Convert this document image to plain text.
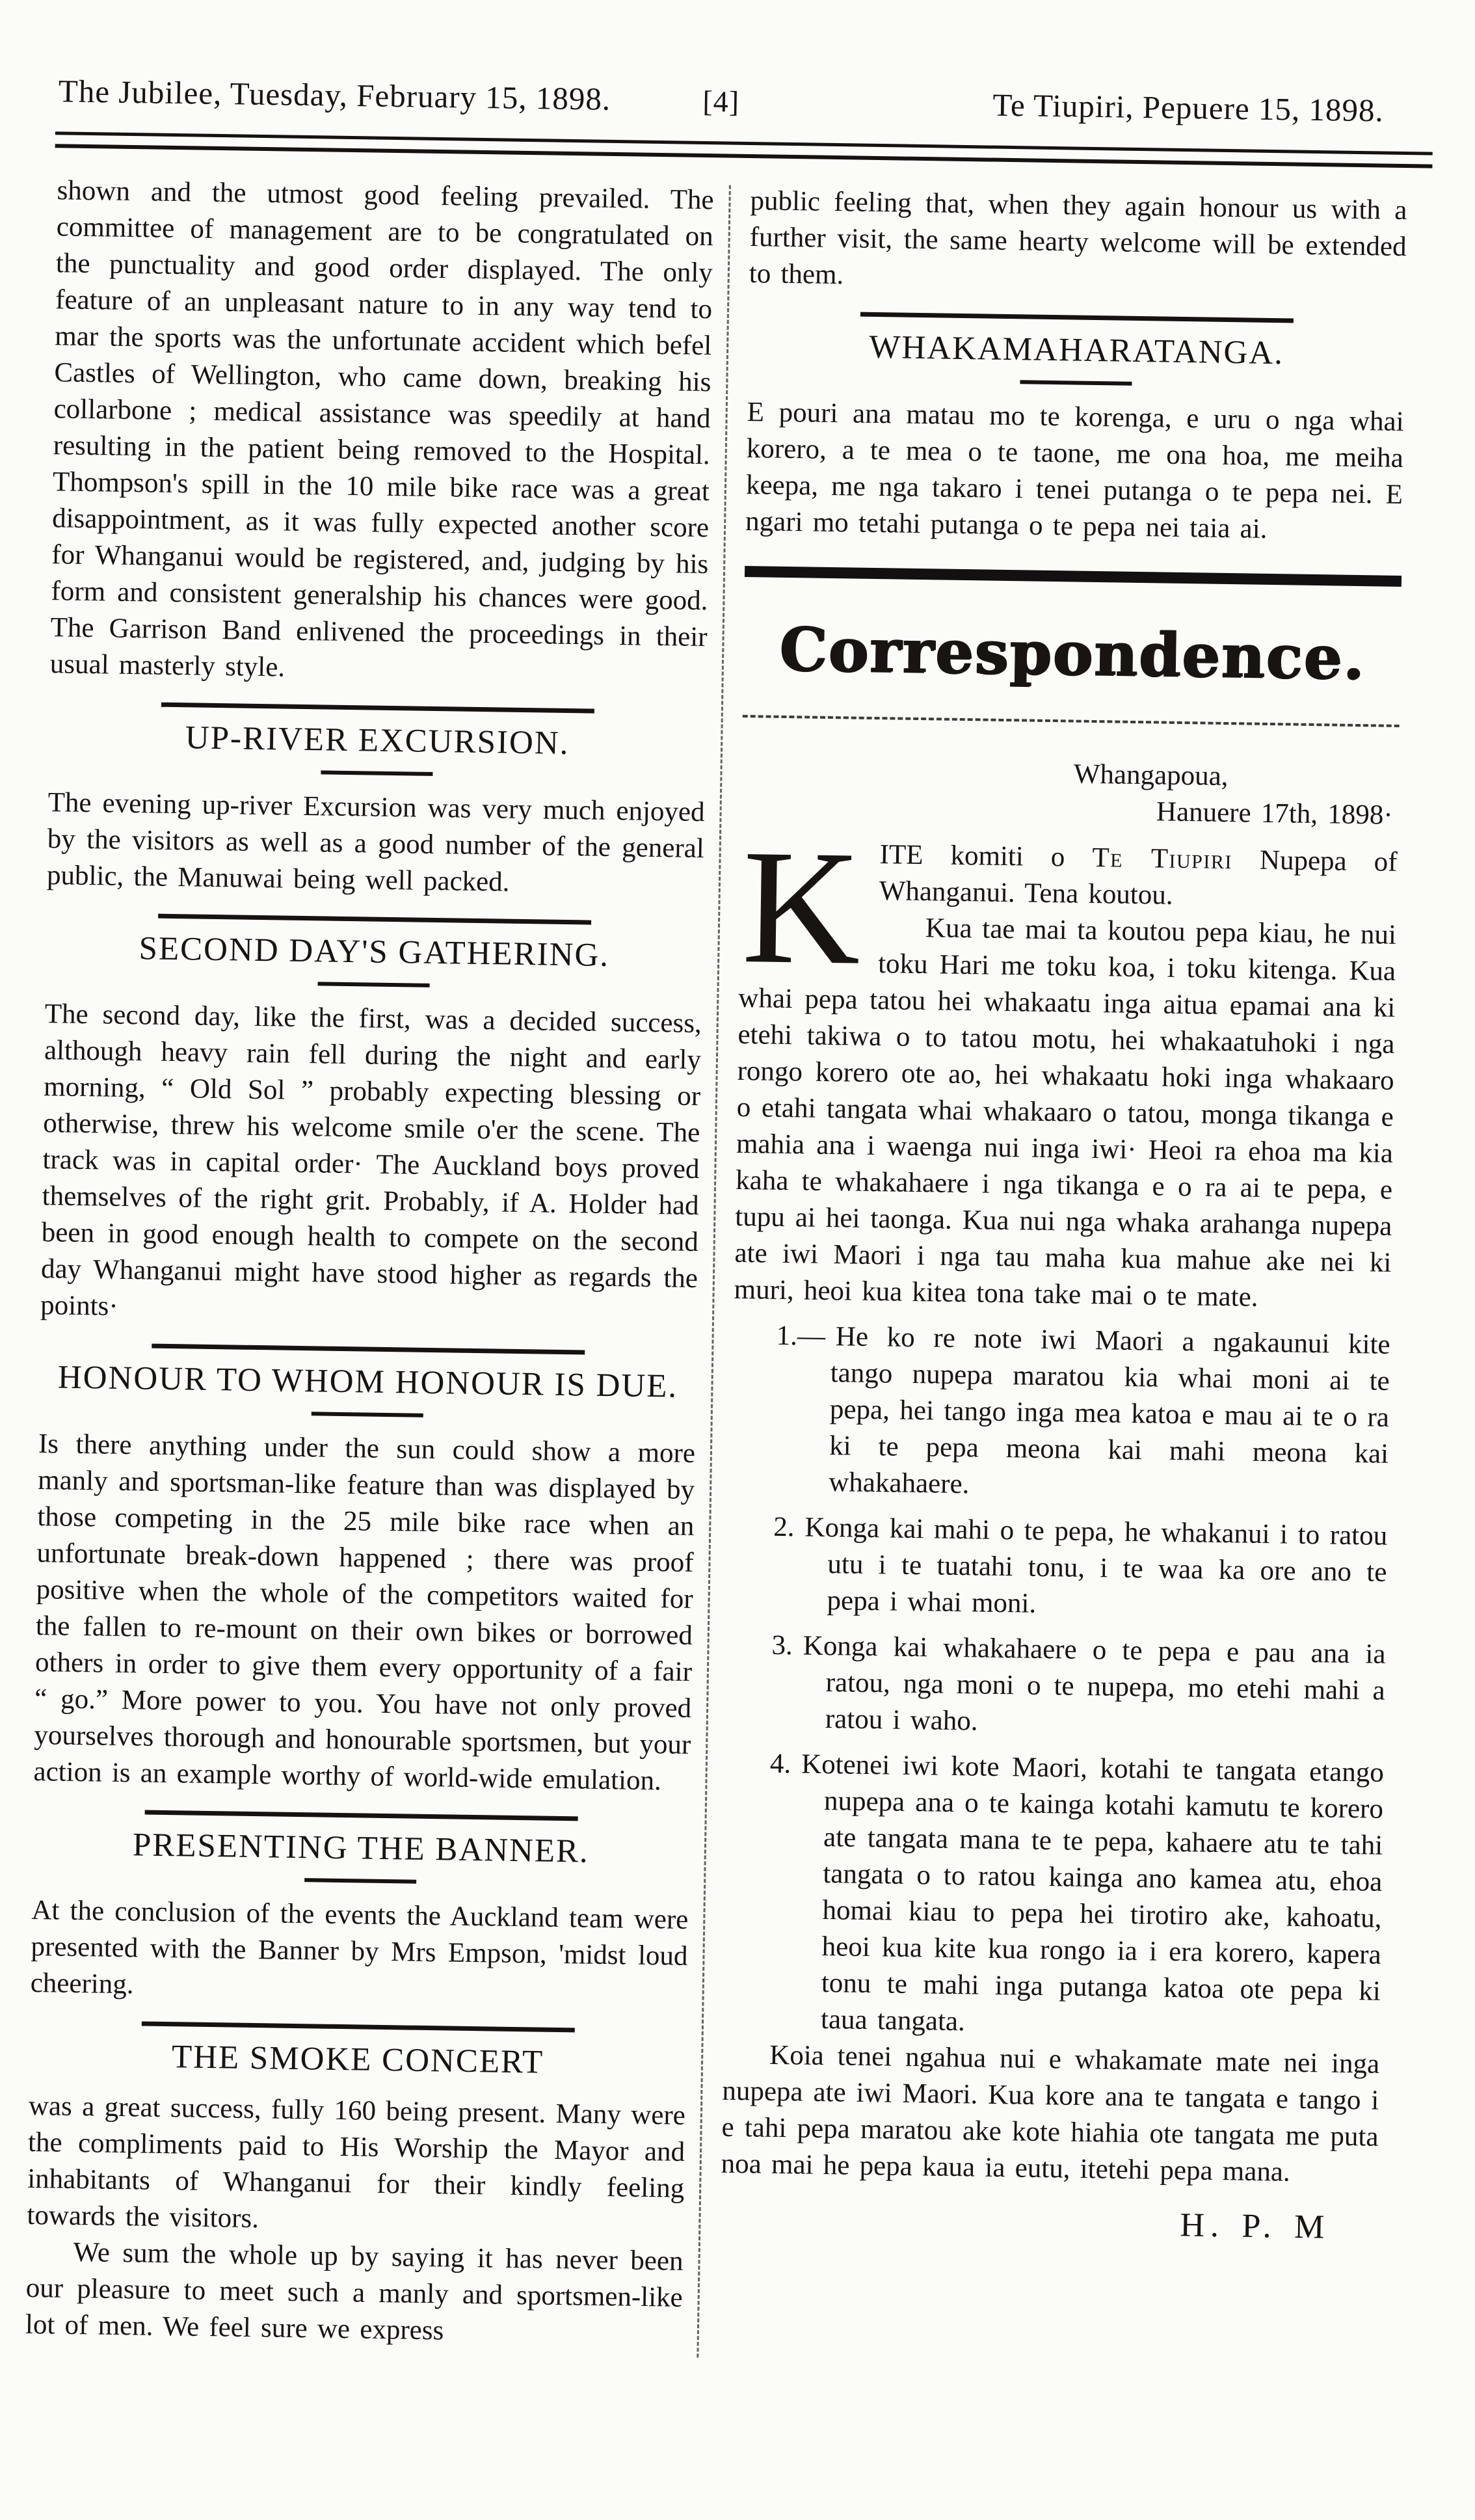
The Jubilee, Tuesday, February 15, 1898.	[4]	Te Tiupiri, Pepuere 15, 1898.

shown and the utmost good feeling prevailed. The committee of management are to be congratulated on the punctuality and good order displayed. The only feature of an unpleasant nature to in any way tend to mar the sports was the unfortunate accident which befel Castles of Wellington, who came down, breaking his collarbone ; medical assistance was speedily at hand resulting in the patient being removed to the Hospital. Thompson's spill in the 10 mile bike race was a great disappointment, as it was fully expected another score for Whanganui would be registered, and, judging by his form and consistent generalship his chances were good. The Garrison Band enlivened the proceedings in their usual masterly style.

UP-RIVER EXCURSION.

The evening up-river Excursion was very much enjoyed by the visitors as well as a good number of the general public, the Manuwai being well packed.

SECOND DAY'S GATHERING.

The second day, like the first, was a decided success, although heavy rain fell during the night and early morning, “ Old Sol ” probably expecting blessing or otherwise, threw his welcome smile o'er the scene. The track was in capital order· The Auckland boys proved themselves of the right grit. Probably, if A. Holder had been in good enough health to compete on the second day Whanganui might have stood higher as regards the points·

HONOUR TO WHOM HONOUR IS DUE.

Is there anything under the sun could show a more manly and sportsman-like feature than was displayed by those competing in the 25 mile bike race when an unfortunate break-down happened ; there was proof positive when the whole of the competitors waited for the fallen to re-mount on their own bikes or borrowed others in order to give them every opportunity of a fair “ go.” More power to you. You have not only proved yourselves thorough and honourable sportsmen, but your action is an example worthy of world-wide emulation.

PRESENTING THE BANNER.

At the conclusion of the events the Auckland team were presented with the Banner by Mrs Empson, 'midst loud cheering.

THE SMOKE CONCERT

was a great success, fully 160 being present. Many were the compliments paid to His Worship the Mayor and inhabitants of Whanganui for their kindly feeling towards the visitors.

We sum the whole up by saying it has never been our pleasure to meet such a manly and sportsmen-like lot of men. We feel sure we express

public feeling that, when they again honour us with a further visit, the same hearty welcome will be extended to them.

WHAKAMAHARATANGA.

E pouri ana matau mo te korenga, e uru o nga whai korero, a te mea o te taone, me ona hoa, me meiha keepa, me nga takaro i tenei putanga o te pepa nei. E ngari mo tetahi putanga o te pepa nei taia ai.

Correspondence.

Whangapoua,

Hanuere 17th, 1898·

KITE komiti o Te Tiupiri Nupepa of Whanganui. Tena koutou.

Kua tae mai ta koutou pepa kiau, he nui toku Hari me toku koa, i toku kitenga. Kua whai pepa tatou hei whakaatu inga aitua epamai ana ki etehi takiwa o to tatou motu, hei whakaatuhoki i nga rongo korero ote ao, hei whakaatu hoki inga whakaaro o etahi tangata whai whakaaro o tatou, monga tikanga e mahia ana i waenga nui inga iwi· Heoi ra ehoa ma kia kaha te whakahaere i nga tikanga e o ra ai te pepa, e tupu ai hei taonga. Kua nui nga whaka arahanga nupepa ate iwi Maori i nga tau maha kua mahue ake nei ki muri, heoi kua kitea tona take mai o te mate.

1.— He ko re note iwi Maori a ngakaunui kite tango nupepa maratou kia whai moni ai te pepa, hei tango inga mea katoa e mau ai te o ra ki te pepa meona kai mahi meona kai whakahaere.

2. Konga kai mahi o te pepa, he whakanui i to ratou utu i te tuatahi tonu, i te waa ka ore ano te pepa i whai moni.

3. Konga kai whakahaere o te pepa e pau ana ia ratou, nga moni o te nupepa, mo etehi mahi a ratou i waho.

4. Kotenei iwi kote Maori, kotahi te tangata etango nupepa ana o te kainga kotahi kamutu te korero ate tangata mana te te pepa, kahaere atu te tahi tangata o to ratou kainga ano kamea atu, ehoa homai kiau to pepa hei tirotiro ake, kahoatu, heoi kua kite kua rongo ia i era korero, kapera tonu te mahi inga putanga katoa ote pepa ki taua tangata.

Koia tenei ngahua nui e whakamate mate nei inga nupepa ate iwi Maori. Kua kore ana te tangata e tango i e tahi pepa maratou ake kote hiahia ote tangata me puta noa mai he pepa kaua ia eutu, itetehi pepa mana.

H. P. M
